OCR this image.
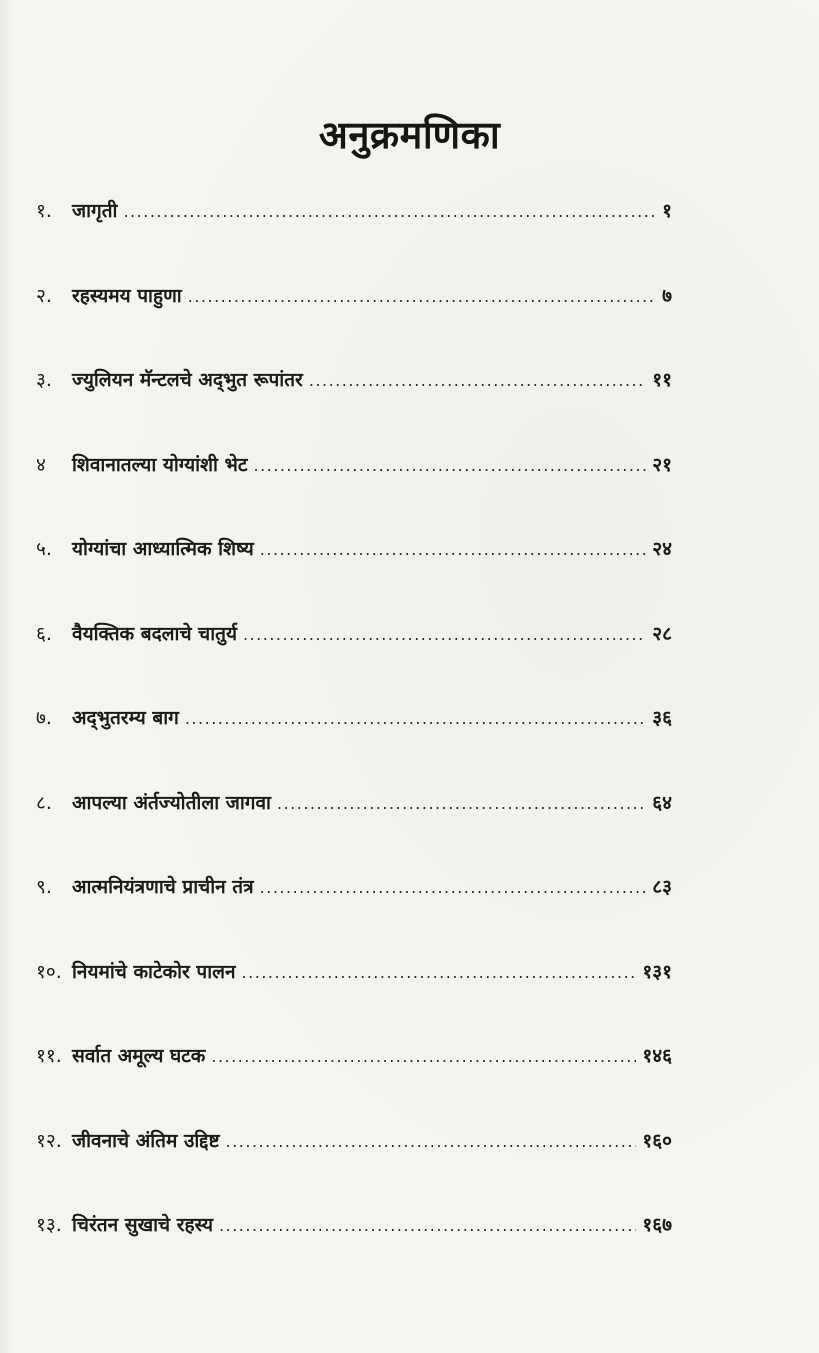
अनुक्रमणिका
१.	जागृती .....	१
२.	रहस्यमय पाहुणा .....	७
३.	ज्युलियन मॅन्टलचे अद्‌भुत रूपांतर .....	११
४	शिवानातल्या योग्यांशी भेट .....	२१
५.	योग्यांचा आध्यात्मिक शिष्य .....	२४
६.	वैयक्तिक बदलाचे चातुर्य .....	२८
७.	अद्‌भुतरम्य बाग .....	३६
८.	आपल्या अंर्तज्योतीला जागवा .....	६४
९.	आत्मनियंत्रणाचे प्राचीन तंत्र .....	८३
१०. नियमांचे काटेकोर पालन .....	१३१
११. सर्वात अमूल्य घटक .....	१४६
१२. जीवनाचे अंतिम उद्दिष्ट .....	१६०
१३. चिरंतन सुखाचे रहस्य .....	१६७
